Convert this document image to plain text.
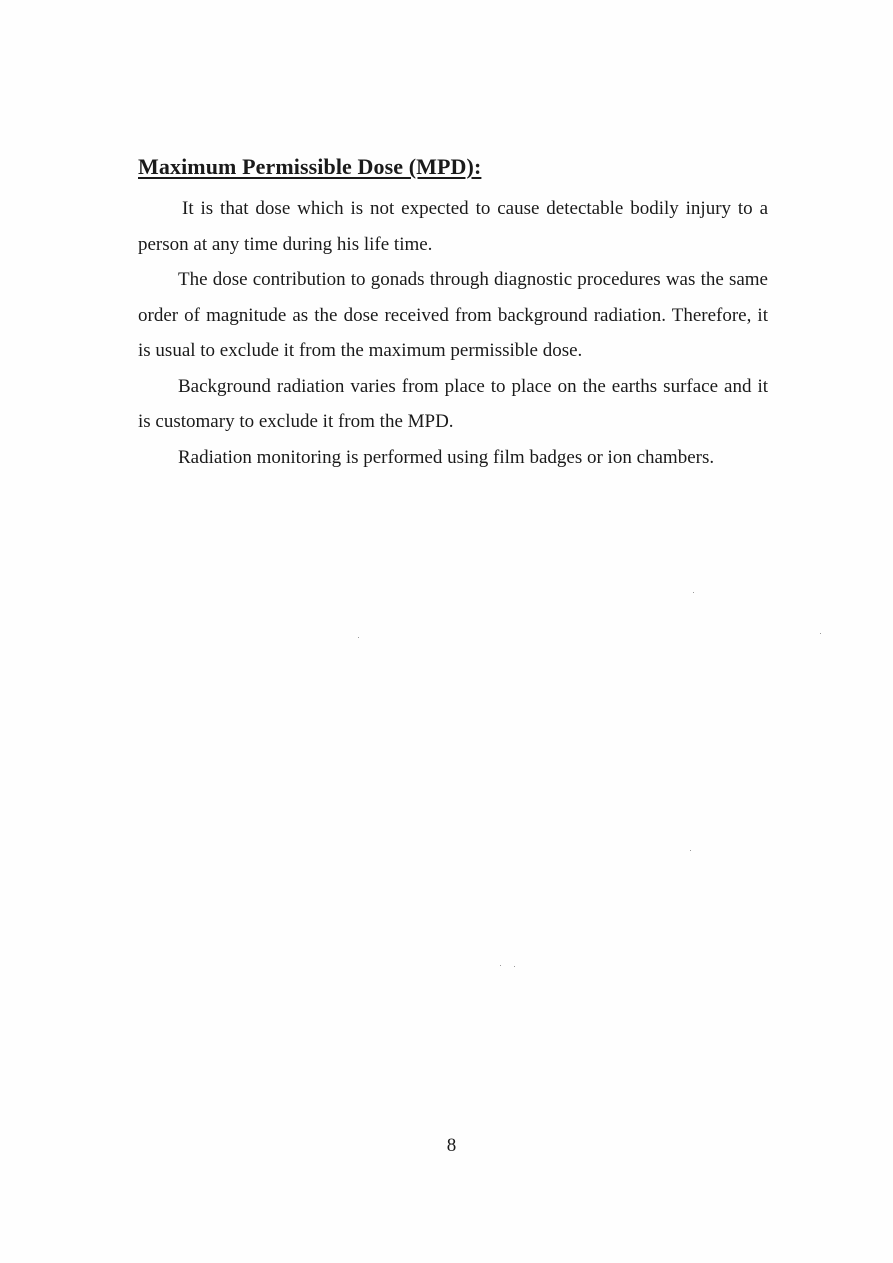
Maximum Permissible Dose (MPD):

It is that dose which is not expected to cause detectable bodily injury to a person at any time during his life time.

The dose contribution to gonads through diagnostic procedures was the same order of magnitude as the dose received from background radiation. Therefore, it is usual to exclude it from the maximum permissible dose.

Background radiation varies from place to place on the earths surface and it is customary to exclude it from the MPD.

Radiation monitoring is performed using film badges or ion chambers.

8
